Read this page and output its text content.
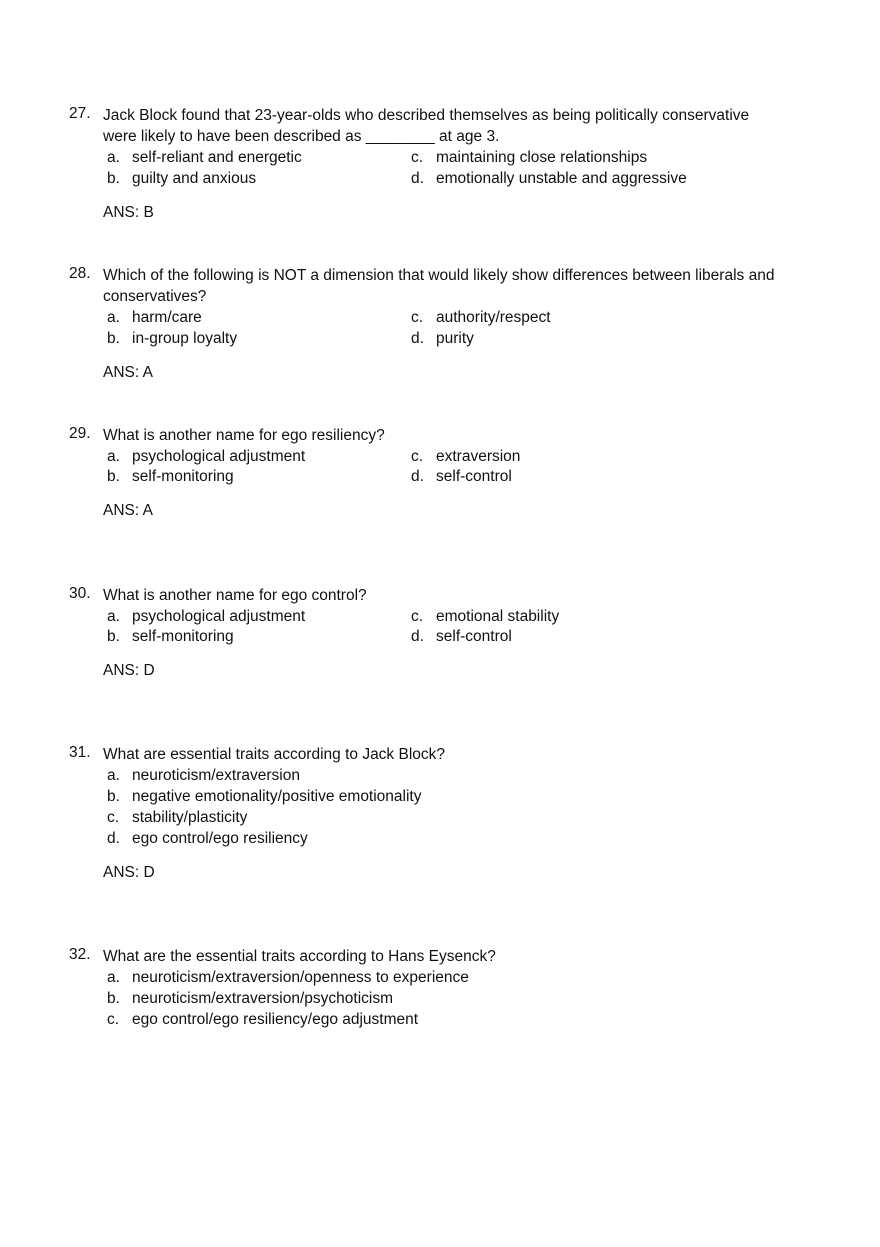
27. Jack Block found that 23-year-olds who described themselves as being politically conservative were likely to have been described as ________ at age 3.
a. self-reliant and energetic
b. guilty and anxious
c. maintaining close relationships
d. emotionally unstable and aggressive
ANS: B
28. Which of the following is NOT a dimension that would likely show differences between liberals and conservatives?
a. harm/care
b. in-group loyalty
c. authority/respect
d. purity
ANS: A
29. What is another name for ego resiliency?
a. psychological adjustment
b. self-monitoring
c. extraversion
d. self-control
ANS: A
30. What is another name for ego control?
a. psychological adjustment
b. self-monitoring
c. emotional stability
d. self-control
ANS: D
31. What are essential traits according to Jack Block?
a. neuroticism/extraversion
b. negative emotionality/positive emotionality
c. stability/plasticity
d. ego control/ego resiliency
ANS: D
32. What are the essential traits according to Hans Eysenck?
a. neuroticism/extraversion/openness to experience
b. neuroticism/extraversion/psychoticism
c. ego control/ego resiliency/ego adjustment
